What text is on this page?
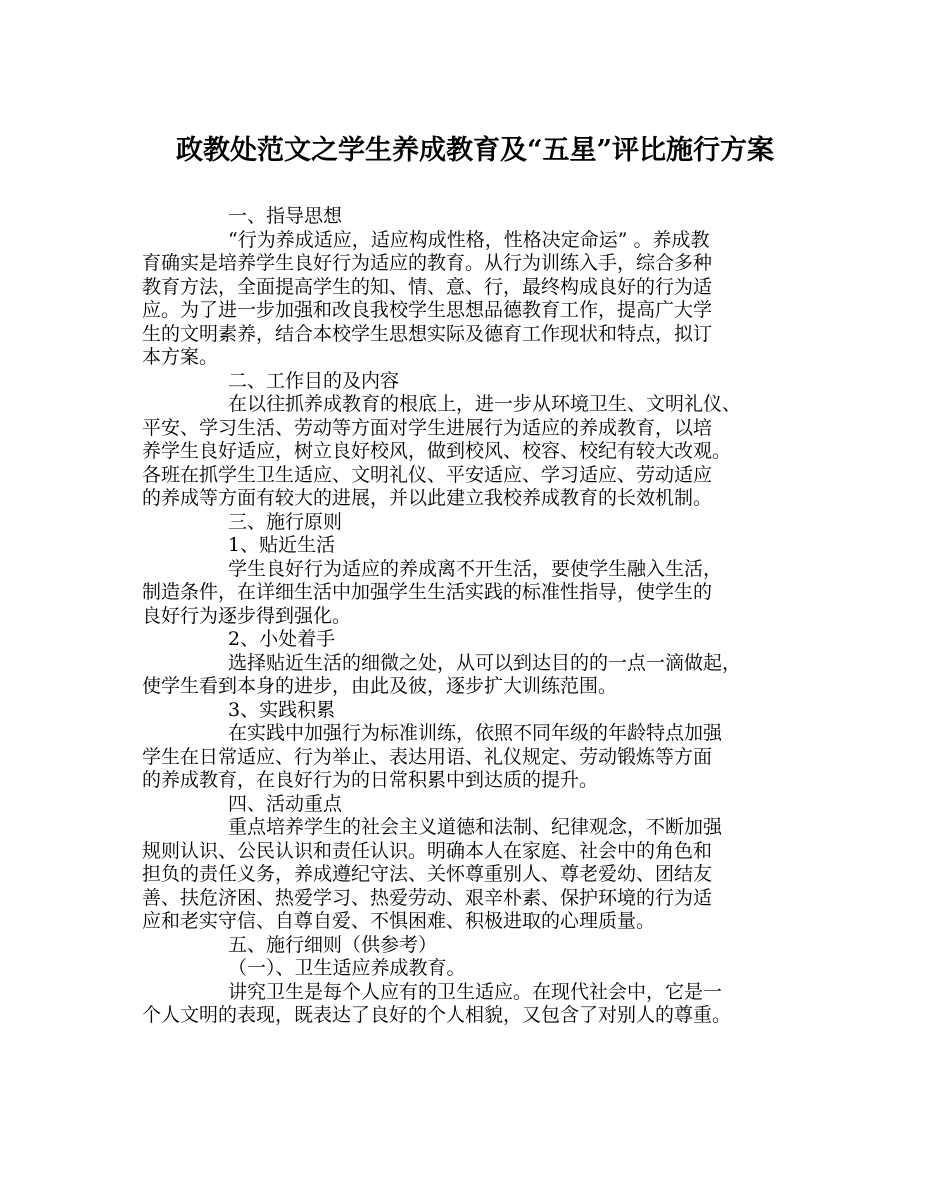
政教处范文之学生养成教育及“五星”评比施行方案
一、指导思想
“行为养成适应，适应构成性格，性格决定命运” 。养成教
育确实是培养学生良好行为适应的教育。从行为训练入手，综合多种
教育方法，全面提高学生的知、情、意、行，最终构成良好的行为适
应。为了进一步加强和改良我校学生思想品德教育工作，提高广大学
生的文明素养，结合本校学生思想实际及德育工作现状和特点，拟订
本方案。
二、工作目的及内容
在以往抓养成教育的根底上，进一步从环境卫生、文明礼仪、
平安、学习生活、劳动等方面对学生进展行为适应的养成教育，以培
养学生良好适应，树立良好校风，做到校风、校容、校纪有较大改观。
各班在抓学生卫生适应、文明礼仪、平安适应、学习适应、劳动适应
的养成等方面有较大的进展，并以此建立我校养成教育的长效机制。
三、施行原则
1、贴近生活
学生良好行为适应的养成离不开生活，要使学生融入生活，
制造条件，在详细生活中加强学生生活实践的标准性指导，使学生的
良好行为逐步得到强化。
2、小处着手
选择贴近生活的细微之处，从可以到达目的的一点一滴做起，
使学生看到本身的进步，由此及彼，逐步扩大训练范围。
3、实践积累
在实践中加强行为标准训练，依照不同年级的年龄特点加强
学生在日常适应、行为举止、表达用语、礼仪规定、劳动锻炼等方面
的养成教育，在良好行为的日常积累中到达质的提升。
四、活动重点
重点培养学生的社会主义道德和法制、纪律观念，不断加强
规则认识、公民认识和责任认识。明确本人在家庭、社会中的角色和
担负的责任义务，养成遵纪守法、关怀尊重别人、尊老爱幼、团结友
善、扶危济困、热爱学习、热爱劳动、艰辛朴素、保护环境的行为适
应和老实守信、自尊自爱、不惧困难、积极进取的心理质量。
五、施行细则（供参考）
（一）、卫生适应养成教育。
讲究卫生是每个人应有的卫生适应。在现代社会中，它是一
个人文明的表现，既表达了良好的个人相貌，又包含了对别人的尊重。
